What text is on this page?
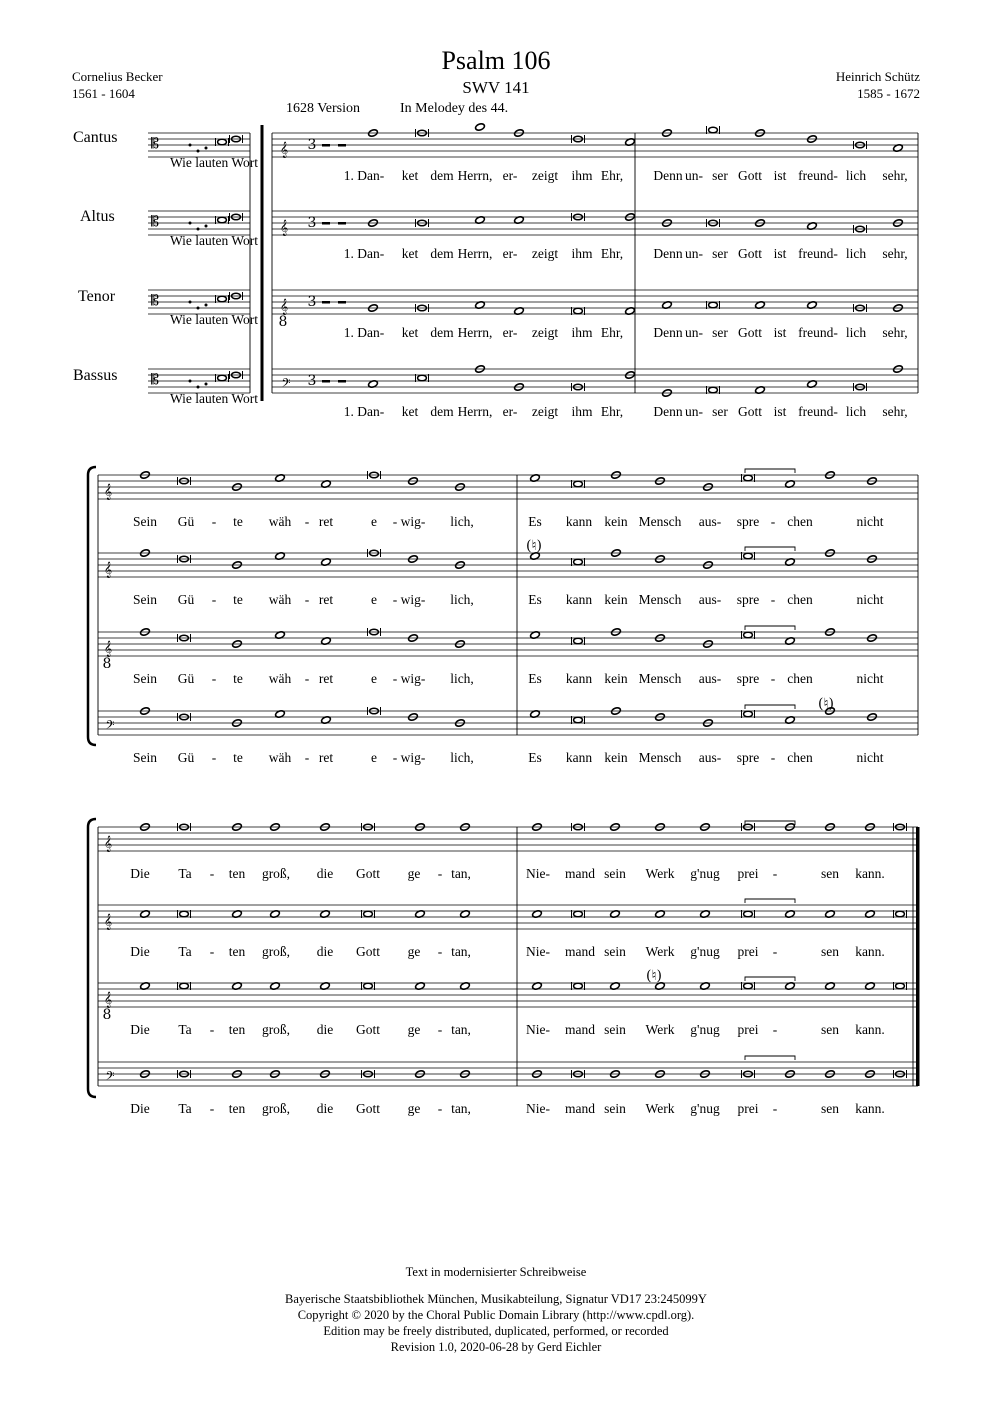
Psalm 106
SWV 141
Cornelius Becker
1561 - 1604
Heinrich Schütz
1585 - 1672
1628 Version	In Melodey des 44.
Cantus
Altus
Tenor
Bassus
Wie lauten Wort
𝄡
Wie lauten Wort
𝄡
Wie lauten Wort
𝄡
Wie lauten Wort
𝄡
𝄞 3
𝄞 3
𝄞
8
3
𝄢 3
1. Dan- ket dem Herrn, er- zeigt ihm Ehr, Denn un- ser Gott ist freund- lich sehr,
1. Dan- ket dem Herrn, er- zeigt ihm Ehr, Denn un- ser Gott ist freund- lich sehr,
1. Dan- ket dem Herrn, er- zeigt ihm Ehr, Denn un- ser Gott ist freund- lich sehr,
1. Dan- ket dem Herrn, er- zeigt ihm Ehr, Denn un- ser Gott ist freund- lich sehr,
𝄞
𝄞
𝄞
8
𝄢
Sein Gü - te wäh - ret	e - wig- lich,	Es kann kein Mensch aus- spre - chen	nicht
Sein Gü - te wäh - ret	e - wig- lich,	Es kann kein Mensch aus- spre - chen	nicht
Sein Gü - te wäh - ret	e - wig- lich,	Es kann kein Mensch aus- spre - chen	nicht
Sein Gü - te wäh - ret	e - wig- lich,	Es kann kein Mensch aus- spre - chen	nicht
(♮)
(♮)
𝄞
𝄞
𝄞
8
𝄢
Die Ta - ten groß, die Gott ge - tan,	Nie- mand sein Werk g'nug prei -	sen kann.
Die Ta - ten groß, die Gott ge - tan,	Nie- mand sein Werk g'nug prei -	sen kann.
Die Ta - ten groß, die Gott ge - tan,	Nie- mand sein Werk g'nug prei -	sen kann.
Die Ta - ten groß, die Gott ge - tan,	Nie- mand sein Werk g'nug prei -	sen kann.
(♮)
Text in modernisierter Schreibweise
Bayerische Staatsbibliothek München, Musikabteilung, Signatur VD17 23:245099Y
Copyright © 2020 by the Choral Public Domain Library (http://www.cpdl.org).
Edition may be freely distributed, duplicated, performed, or recorded
Revision 1.0, 2020-06-28 by Gerd Eichler
